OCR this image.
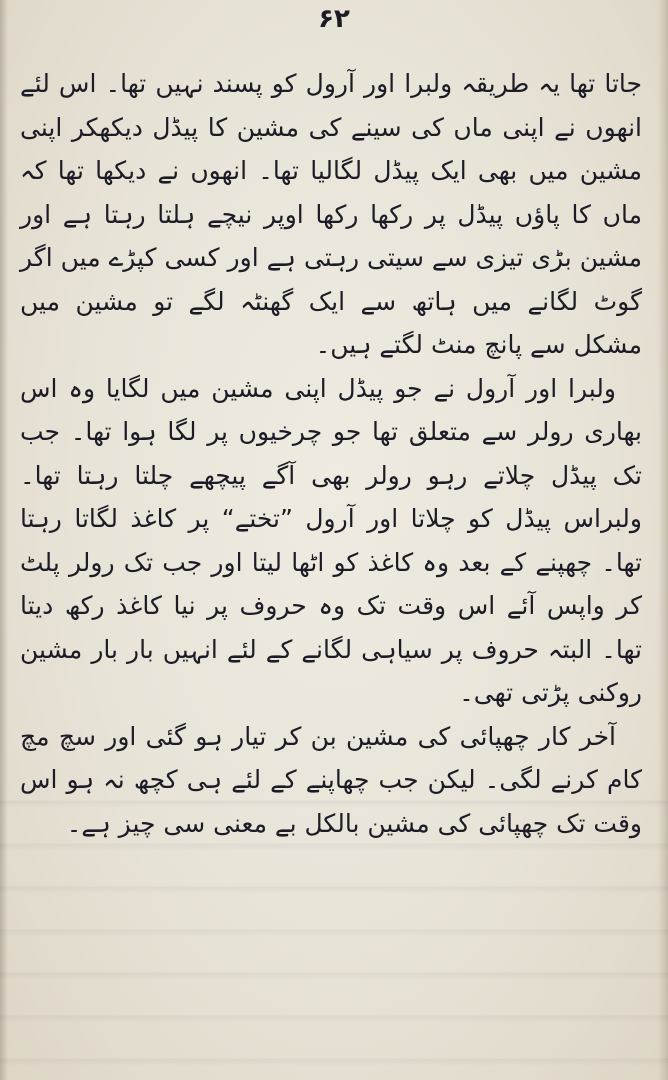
۶۲

جاتا تھا یہ طریقہ ولبرا اور آرول کو پسند نہیں تھا۔ اس لئے انھوں نے اپنی ماں کی سینے کی مشین کا پیڈل دیکھکر اپنی مشین میں بھی ایک پیڈل لگالیا تھا۔ انھوں نے دیکھا تھا کہ ماں کا پاؤں پیڈل پر رکھا رکھا اوپر نیچے ہلتا رہتا ہے اور مشین بڑی تیزی سے سیتی رہتی ہے اور کسی کپڑے میں اگر گوٹ لگانے میں ہاتھ سے ایک گھنٹہ لگے تو مشین میں مشکل سے پانچ منٹ لگتے ہیں۔

ولبرا اور آرول نے جو پیڈل اپنی مشین میں لگایا وہ اس بھاری رولر سے متعلق تھا جو چرخیوں پر لگا ہوا تھا۔ جب تک پیڈل چلاتے رہو رولر بھی آگے پیچھے چلتا رہتا تھا۔ ولبراس پیڈل کو چلاتا اور آرول ”تختے“ پر کاغذ لگاتا رہتا تھا۔ چھپنے کے بعد وہ کاغذ کو اٹھا لیتا اور جب تک رولر پلٹ کر واپس آئے اس وقت تک وہ حروف پر نیا کاغذ رکھ دیتا تھا۔ البتہ حروف پر سیاہی لگانے کے لئے انہیں بار بار مشین روکنی پڑتی تھی۔

آخر کار چھپائی کی مشین بن کر تیار ہو گئی اور سچ مچ کام کرنے لگی۔ لیکن جب چھاپنے کے لئے ہی کچھ نہ ہو اس وقت تک چھپائی کی مشین بالکل بے معنی سی چیز ہے۔
